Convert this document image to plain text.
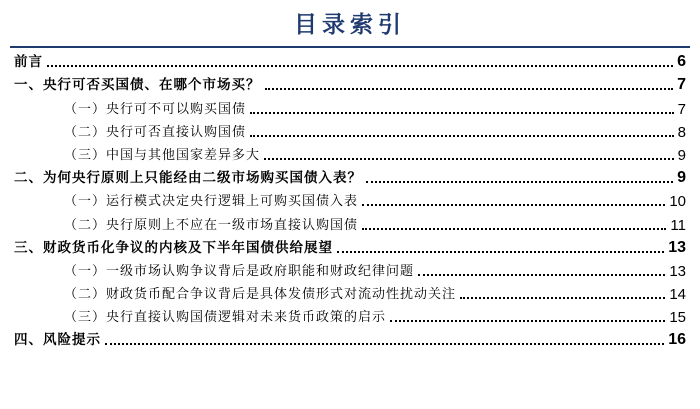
目录索引
前言	6
一、央行可否买国债、在哪个市场买？	7
（一）央行可不可以购买国债	7
（二）央行可否直接认购国债	8
（三）中国与其他国家差异多大	9
二、为何央行原则上只能经由二级市场购买国债入表？	9
（一）运行模式决定央行逻辑上可购买国债入表	10
（二）央行原则上不应在一级市场直接认购国债	11
三、财政货币化争议的内核及下半年国债供给展望	13
（一）一级市场认购争议背后是政府职能和财政纪律问题	13
（二）财政货币配合争议背后是具体发债形式对流动性扰动关注	14
（三）央行直接认购国债逻辑对未来货币政策的启示	15
四、风险提示	16
